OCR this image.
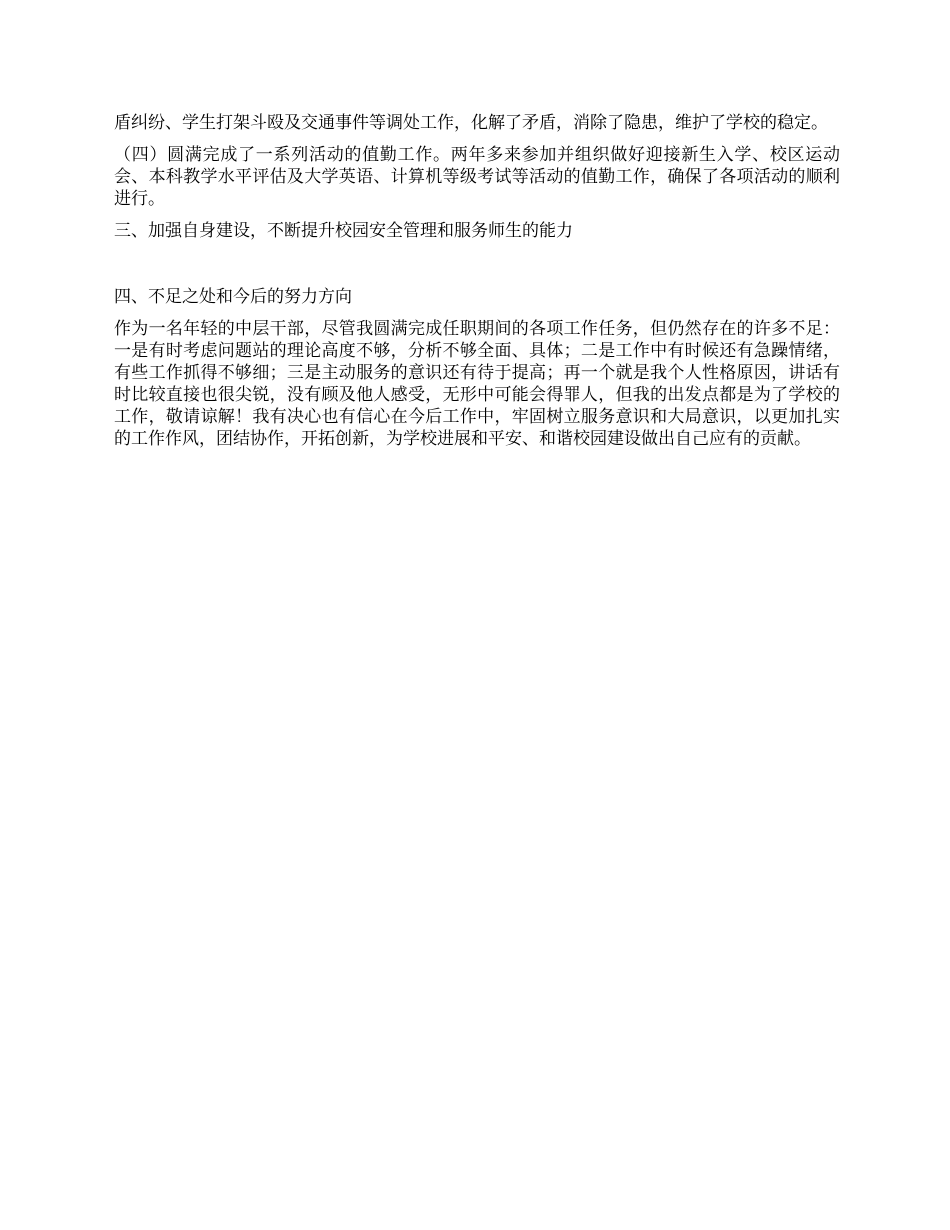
盾纠纷、学生打架斗殴及交通事件等调处工作，化解了矛盾，消除了隐患，维护了学校的稳定。

（四）圆满完成了一系列活动的值勤工作。两年多来参加并组织做好迎接新生入学、校区运动会、本科教学水平评估及大学英语、计算机等级考试等活动的值勤工作，确保了各项活动的顺利进行。

三、加强自身建设，不断提升校园安全管理和服务师生的能力

四、不足之处和今后的努力方向

作为一名年轻的中层干部，尽管我圆满完成任职期间的各项工作任务，但仍然存在的许多不足：一是有时考虑问题站的理论高度不够，分析不够全面、具体；二是工作中有时候还有急躁情绪，有些工作抓得不够细；三是主动服务的意识还有待于提高；再一个就是我个人性格原因，讲话有时比较直接也很尖锐，没有顾及他人感受，无形中可能会得罪人，但我的出发点都是为了学校的工作，敬请谅解！我有决心也有信心在今后工作中，牢固树立服务意识和大局意识，以更加扎实的工作作风，团结协作，开拓创新，为学校进展和平安、和谐校园建设做出自己应有的贡献。
